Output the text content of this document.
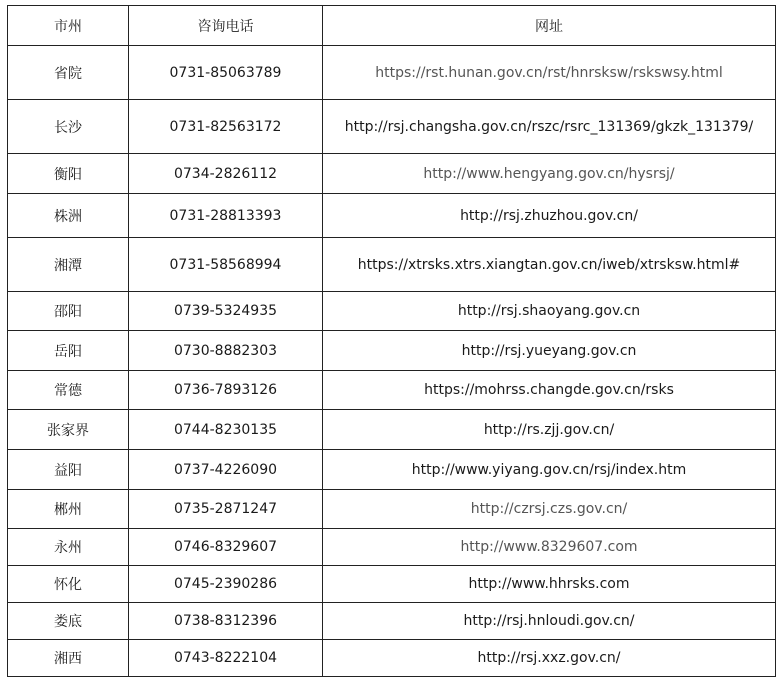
市州	咨询电话	网址
省院	0731-85063789	https://rst.hunan.gov.cn/rst/hnrsksw/rskswsy.html
长沙	0731-82563172	http://rsj.changsha.gov.cn/rszc/rsrc_131369/gkzk_131379/
衡阳	0734-2826112	http://www.hengyang.gov.cn/hysrsj/
株洲	0731-28813393	http://rsj.zhuzhou.gov.cn/
湘潭	0731-58568994	https://xtrsks.xtrs.xiangtan.gov.cn/iweb/xtrsksw.html#
邵阳	0739-5324935	http://rsj.shaoyang.gov.cn
岳阳	0730-8882303	http://rsj.yueyang.gov.cn
常德	0736-7893126	https://mohrss.changde.gov.cn/rsks
张家界	0744-8230135	http://rs.zjj.gov.cn/
益阳	0737-4226090	http://www.yiyang.gov.cn/rsj/index.htm
郴州	0735-2871247	http://czrsj.czs.gov.cn/
永州	0746-8329607	http://www.8329607.com
怀化	0745-2390286	http://www.hhrsks.com
娄底	0738-8312396	http://rsj.hnloudi.gov.cn/
湘西	0743-8222104	http://rsj.xxz.gov.cn/
